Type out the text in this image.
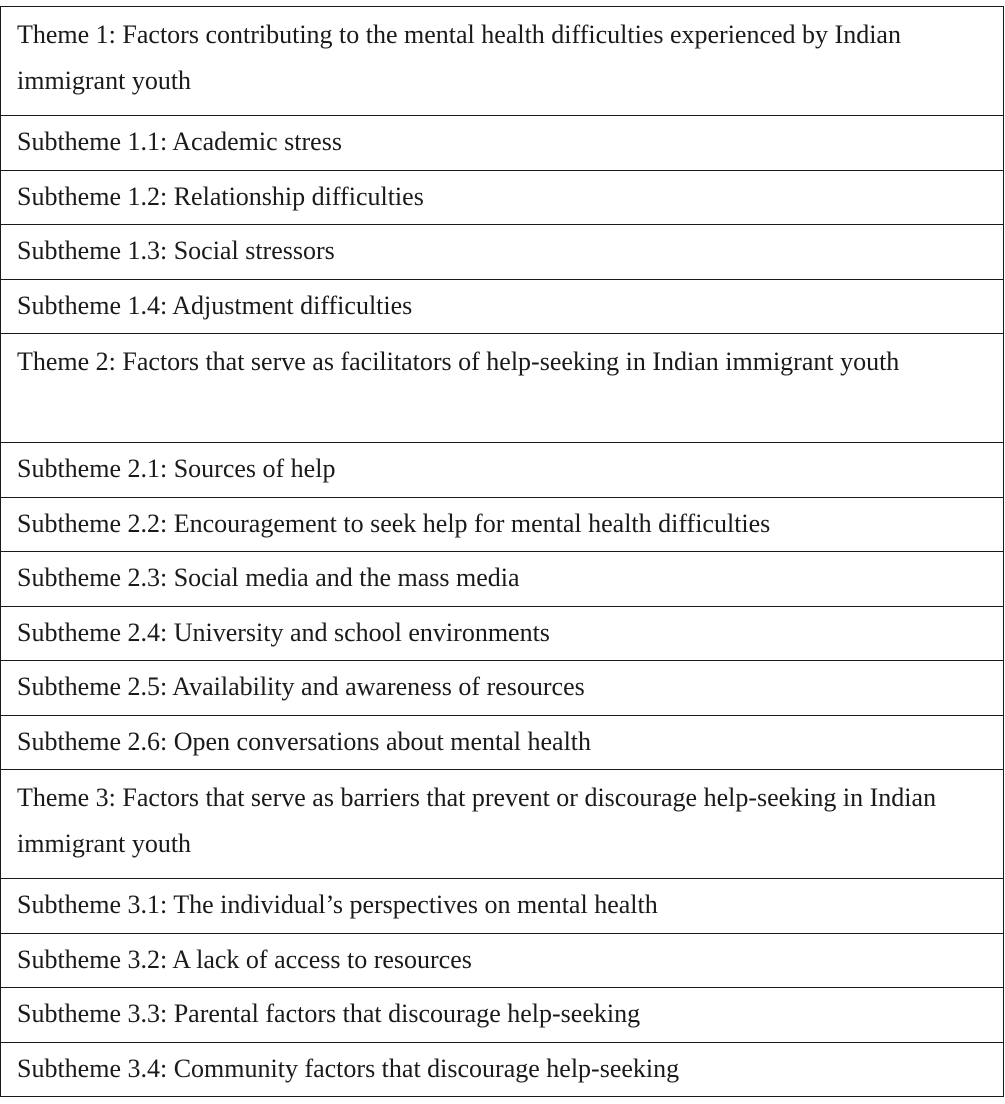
Theme 1: Factors contributing to the mental health difficulties experienced by Indian immigrant youth
Subtheme 1.1: Academic stress
Subtheme 1.2: Relationship difficulties
Subtheme 1.3: Social stressors
Subtheme 1.4: Adjustment difficulties
Theme 2: Factors that serve as facilitators of help-seeking in Indian immigrant youth
Subtheme 2.1: Sources of help
Subtheme 2.2: Encouragement to seek help for mental health difficulties
Subtheme 2.3: Social media and the mass media
Subtheme 2.4: University and school environments
Subtheme 2.5: Availability and awareness of resources
Subtheme 2.6: Open conversations about mental health
Theme 3: Factors that serve as barriers that prevent or discourage help-seeking in Indian immigrant youth
Subtheme 3.1: The individual’s perspectives on mental health
Subtheme 3.2: A lack of access to resources
Subtheme 3.3: Parental factors that discourage help-seeking
Subtheme 3.4: Community factors that discourage help-seeking
